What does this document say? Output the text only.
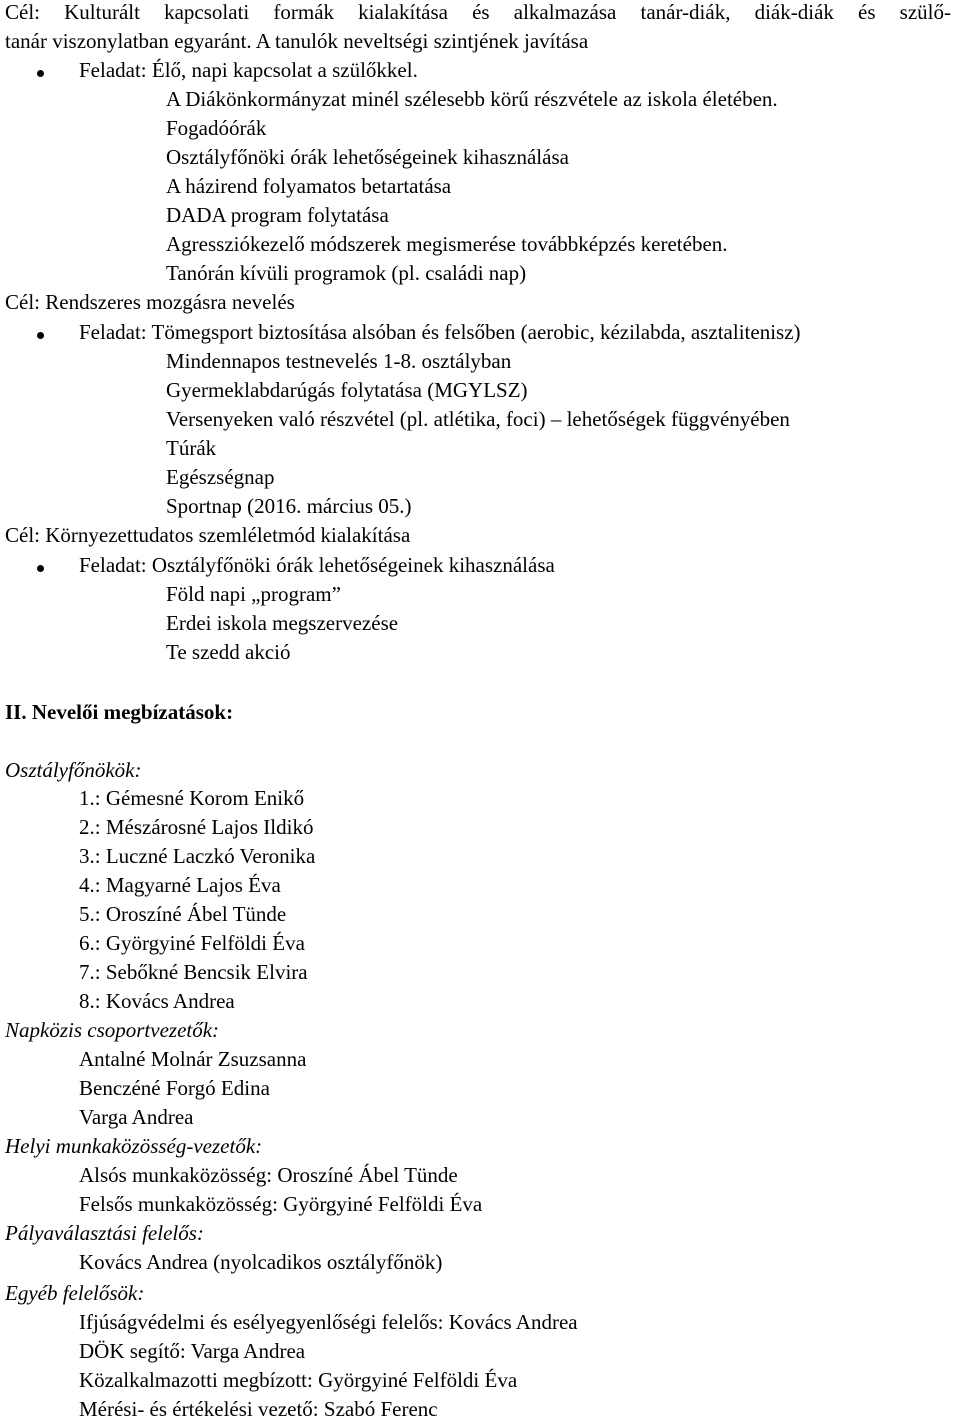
Cél: Kulturált kapcsolati formák kialakítása és alkalmazása tanár-diák, diák-diák és szülő-
tanár viszonylatban egyaránt. A tanulók neveltségi szintjének javítása
Feladat: Élő, napi kapcsolat a szülőkkel.
A Diákönkormányzat minél szélesebb körű részvétele az iskola életében.
Fogadóórák
Osztályfőnöki órák lehetőségeinek kihasználása
A házirend folyamatos betartatása
DADA program folytatása
Agressziókezelő módszerek megismerése továbbképzés keretében.
Tanórán kívüli programok (pl. családi nap)
Cél: Rendszeres mozgásra nevelés
Feladat: Tömegsport biztosítása alsóban és felsőben (aerobic, kézilabda, asztalitenisz)
Mindennapos testnevelés 1-8. osztályban
Gyermeklabdarúgás folytatása (MGYLSZ)
Versenyeken való részvétel (pl. atlétika, foci) – lehetőségek függvényében
Túrák
Egészségnap
Sportnap (2016. március 05.)
Cél: Környezettudatos szemléletmód kialakítása
Feladat: Osztályfőnöki órák lehetőségeinek kihasználása
Föld napi „program”
Erdei iskola megszervezése
Te szedd akció
II. Nevelői megbízatások:
Osztályfőnökök:
1.: Gémesné Korom Enikő
2.: Mészárosné Lajos Ildikó
3.: Luczné Laczkó Veronika
4.: Magyarné Lajos Éva
5.: Oroszíné Ábel Tünde
6.: Györgyiné Felföldi Éva
7.: Sebőkné Bencsik Elvira
8.: Kovács Andrea
Napközis csoportvezetők:
Antalné Molnár Zsuzsanna
Benczéné Forgó Edina
Varga Andrea
Helyi munkaközösség-vezetők:
Alsós munkaközösség: Oroszíné Ábel Tünde
Felsős munkaközösség: Györgyiné Felföldi Éva
Pályaválasztási felelős:
Kovács Andrea (nyolcadikos osztályfőnök)
Egyéb felelősök:
Ifjúságvédelmi és esélyegyenlőségi felelős: Kovács Andrea
DÖK segítő: Varga Andrea
Közalkalmazotti megbízott: Györgyiné Felföldi Éva
Mérési- és értékelési vezető: Szabó Ferenc
